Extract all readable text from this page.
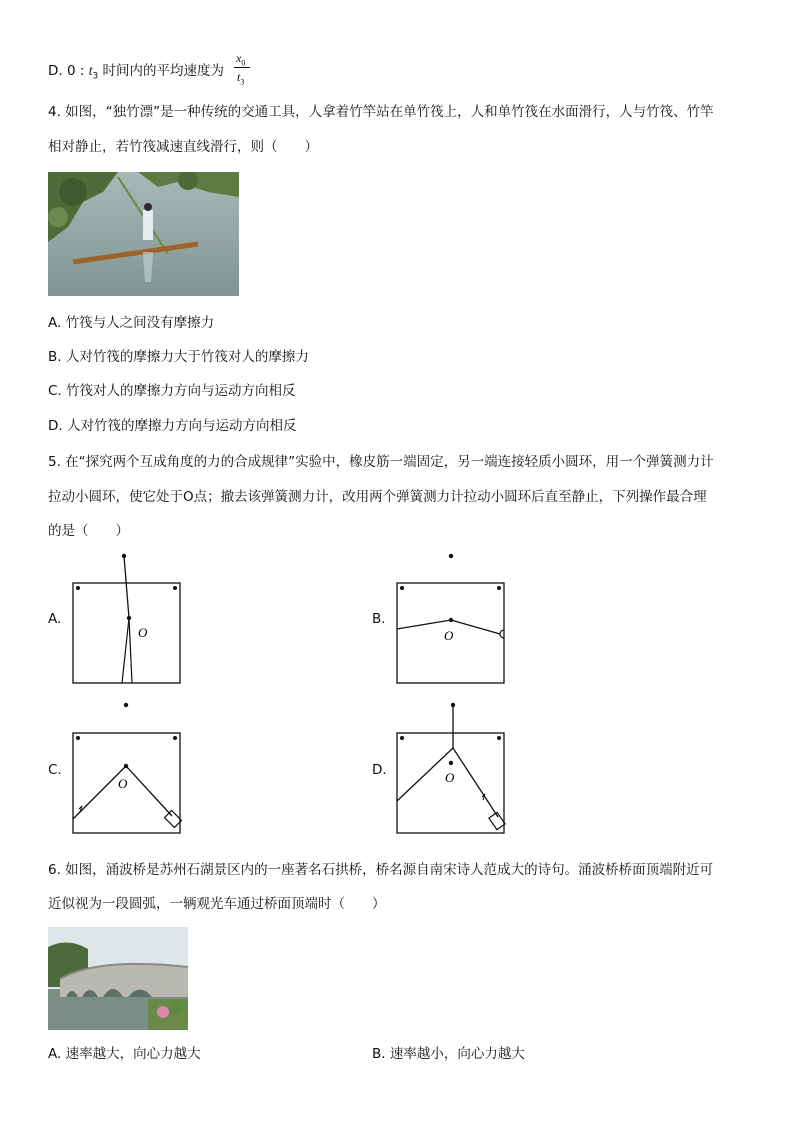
D. 0 : $t_3$ 时间内的平均速度为
$x_0$
$t_3$
4. 如图，“独竹漂”是一种传统的交通工具，人拿着竹竿站在单竹筏上，人和单竹筏在水面滑行，人与竹筏、竹竿
相对静止，若竹筏减速直线滑行，则（　　）
A. 竹筏与人之间没有摩擦力
B. 人对竹筏的摩擦力大于竹筏对人的摩擦力
C. 竹筏对人的摩擦力方向与运动方向相反
D. 人对竹筏的摩擦力方向与运动方向相反
5. 在“探究两个互成角度的力的合成规律”实验中，橡皮筋一端固定，另一端连接轻质小圆环，用一个弹簧测力计
拉动小圆环，使它处于O点；撤去该弹簧测力计，改用两个弹簧测力计拉动小圆环后直至静止，下列操作最合理
的是（　　）
A.	B.
C.	D.
O	O
O	O
6. 如图，涌波桥是苏州石湖景区内的一座著名石拱桥，桥名源自南宋诗人范成大的诗句。涌波桥桥面顶端附近可
近似视为一段圆弧，一辆观光车通过桥面顶端时（　　）
A. 速率越大，向心力越大	B. 速率越小，向心力越大
